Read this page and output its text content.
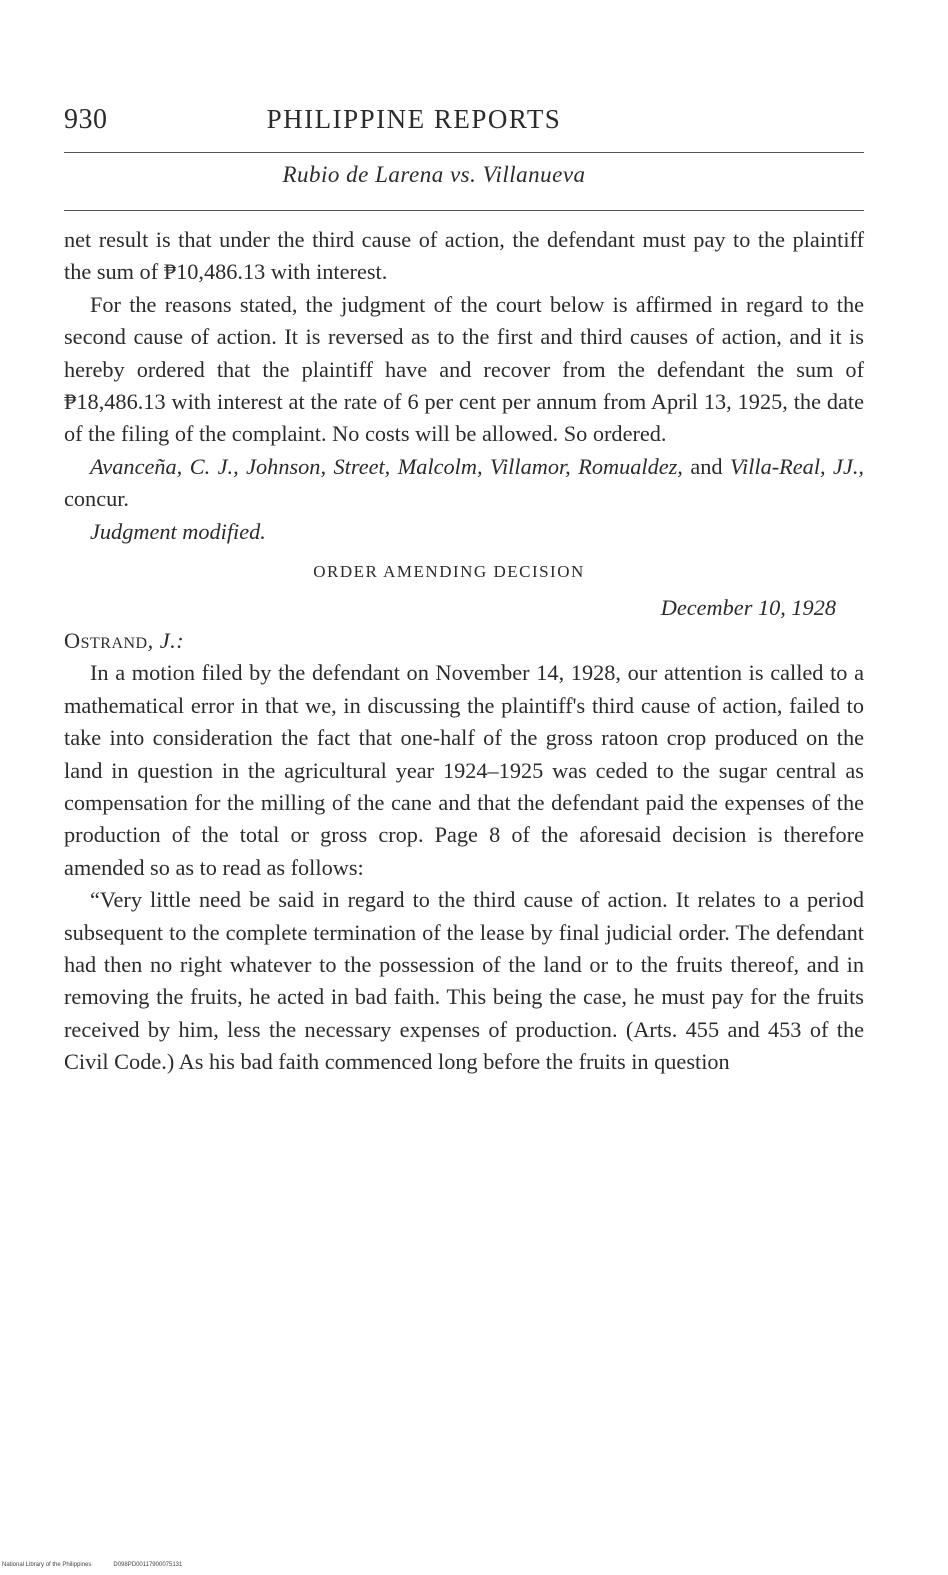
930	PHILIPPINE REPORTS
Rubio de Larena vs. Villanueva

net result is that under the third cause of action, the defendant must pay to the plaintiff the sum of ₱10,486.13 with interest.

For the reasons stated, the judgment of the court below is affirmed in regard to the second cause of action. It is reversed as to the first and third causes of action, and it is hereby ordered that the plaintiff have and recover from the defendant the sum of ₱18,486.13 with interest at the rate of 6 per cent per annum from April 13, 1925, the date of the filing of the complaint. No costs will be allowed. So ordered.

Avanceña, C. J., Johnson, Street, Malcolm, Villamor, Romualdez, and Villa-Real, JJ., concur.

Judgment modified.

ORDER AMENDING DECISION

December 10, 1928

Ostrand, J.:

In a motion filed by the defendant on November 14, 1928, our attention is called to a mathematical error in that we, in discussing the plaintiff's third cause of action, failed to take into consideration the fact that one-half of the gross ratoon crop produced on the land in question in the agricultural year 1924–1925 was ceded to the sugar central as compensation for the milling of the cane and that the defendant paid the expenses of the production of the total or gross crop. Page 8 of the aforesaid decision is therefore amended so as to read as follows:

“Very little need be said in regard to the third cause of action. It relates to a period subsequent to the complete termination of the lease by final judicial order. The defendant had then no right whatever to the possession of the land or to the fruits thereof, and in removing the fruits, he acted in bad faith. This being the case, he must pay for the fruits received by him, less the necessary expenses of production. (Arts. 455 and 453 of the Civil Code.) As his bad faith commenced long before the fruits in question

National Library of the Philippines	D098PD00117900075131
